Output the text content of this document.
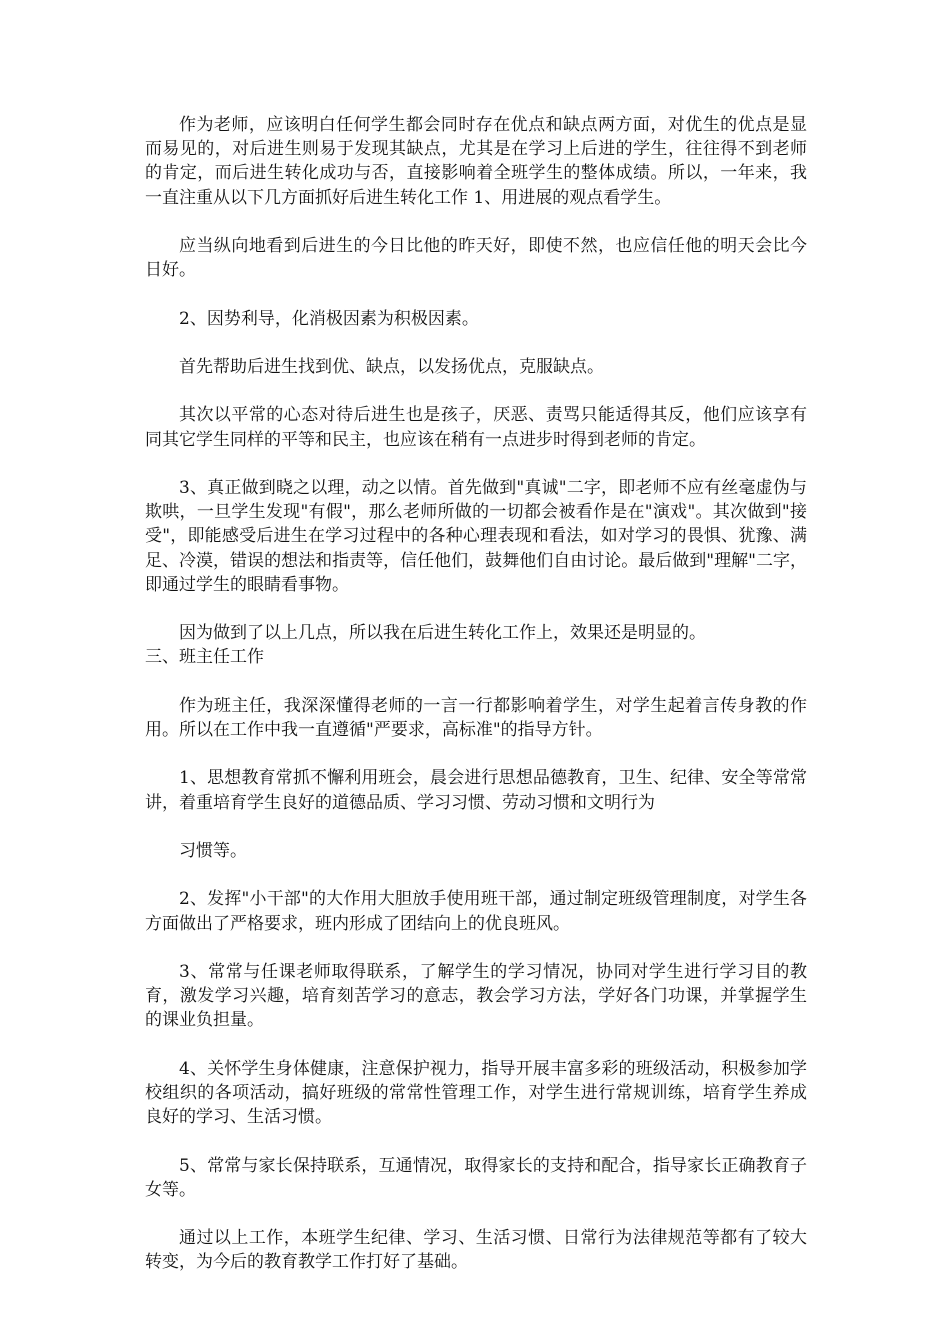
作为老师，应该明白任何学生都会同时存在优点和缺点两方面，对优生的优点是显而易见的，对后进生则易于发现其缺点，尤其是在学习上后进的学生，往往得不到老师的肯定，而后进生转化成功与否，直接影响着全班学生的整体成绩。所以，一年来，我一直注重从以下几方面抓好后进生转化工作 1、用进展的观点看学生。

应当纵向地看到后进生的今日比他的昨天好，即使不然，也应信任他的明天会比今日好。

2、因势利导，化消极因素为积极因素。

首先帮助后进生找到优、缺点，以发扬优点，克服缺点。

其次以平常的心态对待后进生也是孩子，厌恶、责骂只能适得其反，他们应该享有同其它学生同样的平等和民主，也应该在稍有一点进步时得到老师的肯定。

3、真正做到晓之以理，动之以情。首先做到"真诚"二字，即老师不应有丝毫虚伪与欺哄，一旦学生发现"有假"，那么老师所做的一切都会被看作是在"演戏"。其次做到"接受"，即能感受后进生在学习过程中的各种心理表现和看法，如对学习的畏惧、犹豫、满足、冷漠，错误的想法和指责等，信任他们，鼓舞他们自由讨论。最后做到"理解"二字，即通过学生的眼睛看事物。

因为做到了以上几点，所以我在后进生转化工作上，效果还是明显的。

三、班主任工作

作为班主任，我深深懂得老师的一言一行都影响着学生，对学生起着言传身教的作用。所以在工作中我一直遵循"严要求，高标准"的指导方针。

1、思想教育常抓不懈利用班会，晨会进行思想品德教育，卫生、纪律、安全等常常讲，着重培育学生良好的道德品质、学习习惯、劳动习惯和文明行为

习惯等。

2、发挥"小干部"的大作用大胆放手使用班干部，通过制定班级管理制度，对学生各方面做出了严格要求，班内形成了团结向上的优良班风。

3、常常与任课老师取得联系，了解学生的学习情况，协同对学生进行学习目的教育，激发学习兴趣，培育刻苦学习的意志，教会学习方法，学好各门功课，并掌握学生的课业负担量。

4、关怀学生身体健康，注意保护视力，指导开展丰富多彩的班级活动，积极参加学校组织的各项活动，搞好班级的常常性管理工作，对学生进行常规训练，培育学生养成良好的学习、生活习惯。

5、常常与家长保持联系，互通情况，取得家长的支持和配合，指导家长正确教育子女等。

通过以上工作，本班学生纪律、学习、生活习惯、日常行为法律规范等都有了较大转变，为今后的教育教学工作打好了基础。
